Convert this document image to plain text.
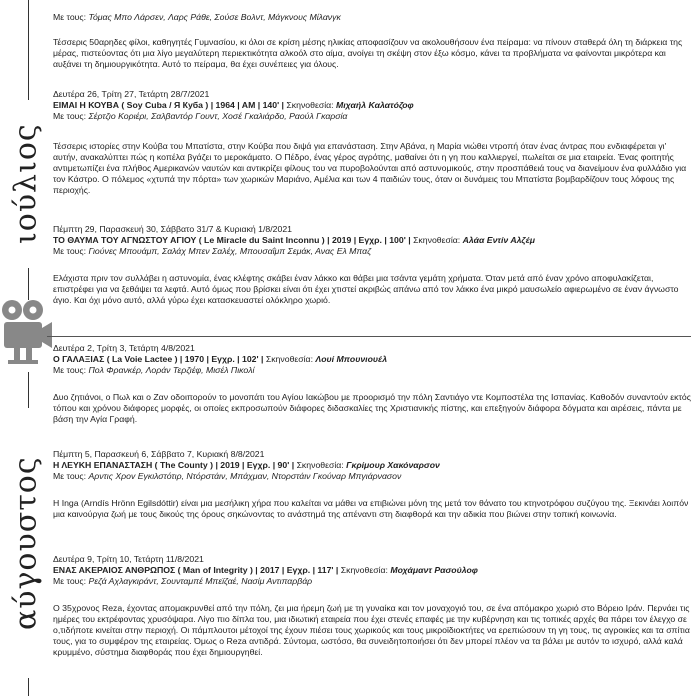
ιούλιος
αύγουστος

Με τους: Τόμας Μπο Λάρσεν, Λαρς Ράθε, Σούσε Βολντ, Μάγκνους Μίλανγκ

Τέσσερις 50αρηδες φίλοι, καθηγητές Γυμνασίου, κι όλοι σε κρίση μέσης ηλικίας αποφασίζουν να ακολουθήσουν ένα πείραμα: να πίνουν σταθερά όλη τη διάρκεια της μέρας, πιστεύοντας ότι μια λίγο μεγαλύτερη περιεκτικότητα αλκοόλ στο αίμα, ανοίγει τη σκέψη στον έξω κόσμο, κάνει τα προβλήματα να φαίνονται μικρότερα και αυξάνει τη δημιουργικότητα. Αυτό το πείραμα, θα έχει συνέπειες για όλους.

Δευτέρα 26, Τρίτη 27, Τετάρτη 28/7/2021

ΕΙΜΑΙ Η ΚΟΥΒΑ ( Soy Cuba / Я Куба ) | 1964 | ΑΜ | 140' | Σκηνοθεσία: Μιχαήλ Καλατόζοφ

Με τους: Σέρτζιο Κοριέρι, Σαλβαντόρ Γουντ, Χοσέ Γκαλιάρδο, Ραούλ Γκαρσία

Τέσσερις ιστορίες στην Κούβα του Μπατίστα, στην Κούβα που διψά για επανάσταση. Στην Αβάνα, η Μαρία νιώθει ντροπή όταν ένας άντρας που ενδιαφέρεται γι' αυτήν, ανακαλύπτει πώς η κοπέλα βγάζει το μεροκάματο. Ο Πέδρο, ένας γέρος αγρότης, μαθαίνει ότι η γη που καλλιεργεί, πωλείται σε μια εταιρεία. Ένας φοιτητής αντιμετωπίζει ένα πλήθος Αμερικανών ναυτών και αντικρίζει φίλους του να πυροβολούνται από αστυνομικούς, στην προσπάθειά τους να διανείμουν ένα φυλλάδιο για τον Κάστρο. Ο πόλεμος «χτυπά την πόρτα» των χωρικών Μαριάνο, Αμέλια και των 4 παιδιών τους, όταν οι δυνάμεις του Μπατίστα βομβαρδίζουν τους λόφους της περιοχής.

Πέμπτη 29, Παρασκευή 30, Σάββατο 31/7 & Κυριακή 1/8/2021

ΤΟ ΘΑΥΜΑ ΤΟΥ ΑΓΝΩΣΤΟΥ ΑΓΙΟΥ ( Le Miracle du Saint Inconnu ) | 2019 | Εγχρ. | 100' | Σκηνοθεσία: Αλάα Εντίν Αλζέμ

Με τους: Γιούνες Μπουάμπ, Σαλάχ Μπεν Σαλέχ, Μπουσαΐμπ Σεμάκ, Ανας Ελ Μπαζ

Ελάχιστα πριν τον συλλάβει η αστυνομία, ένας κλέφτης σκάβει έναν λάκκο και θάβει μια τσάντα γεμάτη χρήματα. Όταν μετά από έναν χρόνο αποφυλακίζεται, επιστρέφει για να ξεθάψει τα λεφτά. Αυτό όμως που βρίσκει είναι ότι έχει χτιστεί ακριβώς απάνω από τον λάκκο ένα μικρό μαυσωλείο αφιερωμένο σε έναν άγνωστο άγιο. Και όχι μόνο αυτό, αλλά γύρω έχει κατασκευαστεί ολόκληρο χωριό.

Δευτέρα 2, Τρίτη 3, Τετάρτη 4/8/2021

Ο ΓΑΛΑΞΙΑΣ ( La Voie Lactee ) | 1970 | Εγχρ. | 102' | Σκηνοθεσία: Λουί Μπουνιουέλ

Με τους: Πολ Φρανκέρ, Λοράν Τερζιέφ, Μισέλ Πικολί

Δυο ζητιάνοι, ο Πωλ και ο Ζαν οδοιπορούν το μονοπάτι του Αγίου Ιακώβου με προορισμό την πόλη Σαντιάγο ντε Κομποστέλα της Ισπανίας. Καθοδόν συναντούν εκτός τόπου και χρόνου διάφορες μορφές, οι οποίες εκπροσωπούν διάφορες διδασκαλίες της Χριστιανικής πίστης, και επεξηγούν διάφορα δόγματα και αιρέσεις, πάντα με βάση την Αγία Γραφή.

Πέμπτη 5, Παρασκευή 6, Σάββατο 7, Κυριακή 8/8/2021

Η ΛΕΥΚΗ ΕΠΑΝΑΣΤΑΣΗ ( The County ) | 2019 | Εγχρ. | 90' | Σκηνοθεσία: Γκρίμουρ Χακόναρσον

Με τους: Αρντις Χροv Εγκιλστότιρ, Ντόρστάιν, Μπάχμαν, Ντορστάιν Γκούναρ Μπγιάρνασον

Η Inga (Arndís Hrönn Egilsdóttir) είναι μια μεσήλικη χήρα που καλείται να μάθει να επιβιώνει μόνη της μετά τον θάνατο του κτηνοτρόφου συζύγου της. Ξεκινάει λοιπόν μια καινούργια ζωή με τους δικούς της όρους σηκώνοντας το ανάστημά της απέναντι στη διαφθορά και την αδικία που βιώνει στην τοπική κοινωνία.

Δευτέρα 9, Τρίτη 10, Τετάρτη 11/8/2021

ΕΝΑΣ ΑΚΕΡΑΙΟΣ ΑΝΘΡΩΠΟΣ ( Man of Integrity ) | 2017 | Εγχρ. | 117' | Σκηνοθεσία: Μοχάμαντ Ρασούλοφ

Με τους: Ρεζά Αχλαγκιράντ, Σουνταμπέ Μπεϊζαέ, Νασίμ Αντιπαρβάρ

Ο 35χρονος Reza, έχοντας απομακρυνθεί από την πόλη, ζει μια ήρεμη ζωή με τη γυναίκα και τον μοναχογιό του, σε ένα απόμακρο χωριό στο Βόρειο Ιράν. Περνάει τις ημέρες του εκτρέφοντας χρυσόψαρα. Λίγο πιο δίπλα του, μια ιδιωτική εταιρεία που έχει στενές επαφές με την κυβέρνηση και τις τοπικές αρχές θα πάρει τον έλεγχο σε ο,τιδήποτε κινείται στην περιοχή. Οι πάμπλουτοι μέτοχοί της έχουν πιέσει τους χωρικούς και τους μικροϊδιοκτήτες να ερεπιώσουν τη γη τους, τις αγροικίες και τα σπίτια τους, για το συμφέρον της εταιρείας. Όμως ο Reza αντιδρά. Σύντομα, ωστόσο, θα συνειδητοποιήσει ότι δεν μπορεί πλέον να τα βάλει με αυτόν το ισχυρό, αλλά καλά κρυμμένο, σύστημα διαφθοράς που έχει δημιουργηθεί.
